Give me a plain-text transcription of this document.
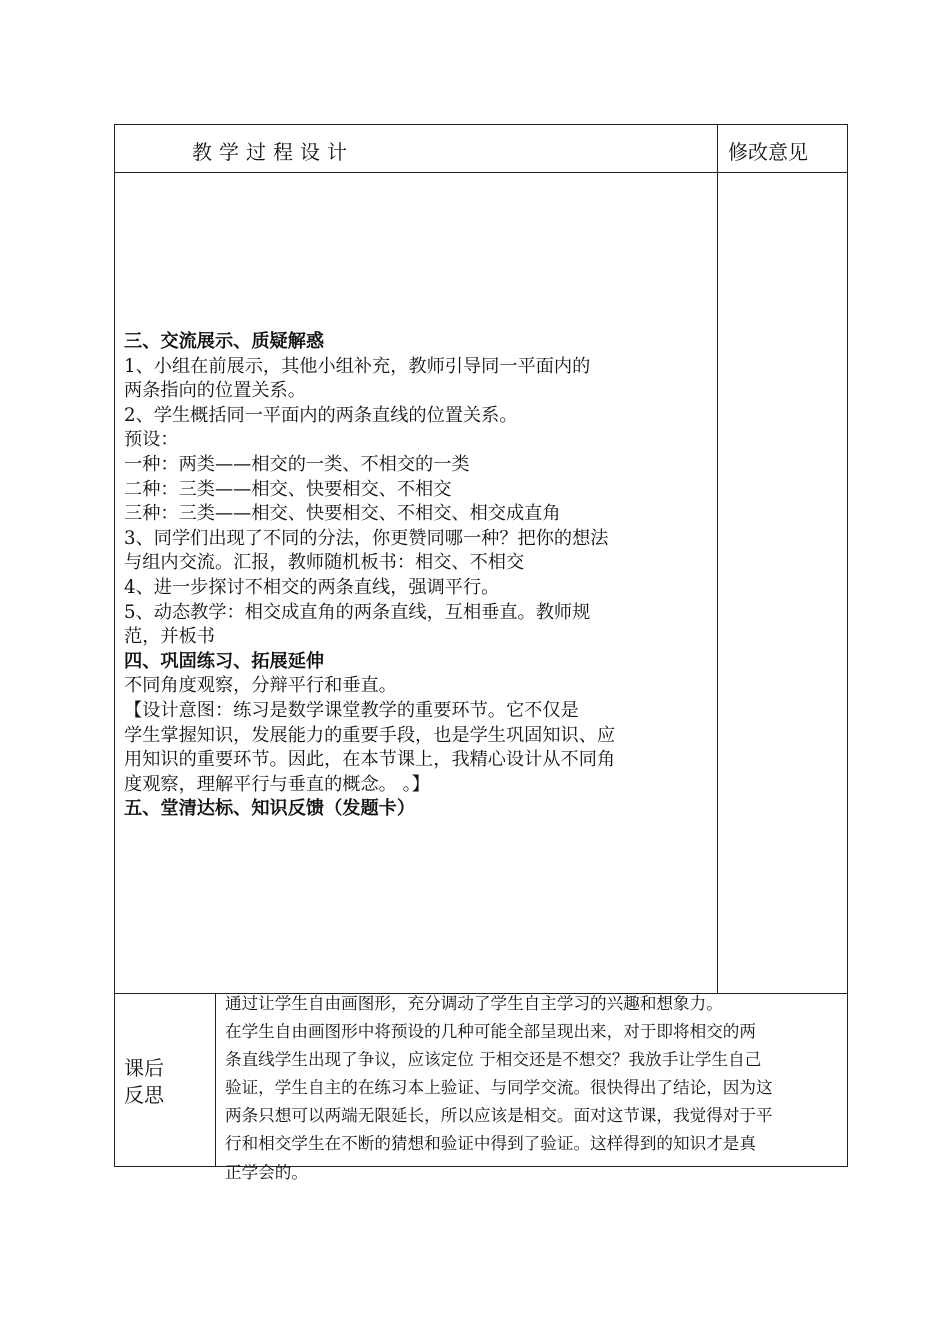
教学过程设计	修改意见

三、交流展示、质疑解惑

1、小组在前展示，其他小组补充，教师引导同一平面内的

两条指向的位置关系。

2、学生概括同一平面内的两条直线的位置关系。

预设：

一种：两类——相交的一类、不相交的一类

二种：三类——相交、快要相交、不相交

三种：三类——相交、快要相交、不相交、相交成直角

3、同学们出现了不同的分法，你更赞同哪一种？把你的想法

与组内交流。汇报，教师随机板书：相交、不相交

4、进一步探讨不相交的两条直线，强调平行。

5、动态教学：相交成直角的两条直线，互相垂直。教师规

范，并板书

四、巩固练习、拓展延伸

不同角度观察，分辩平行和垂直。

【设计意图：练习是数学课堂教学的重要环节。它不仅是

学生掌握知识，发展能力的重要手段，也是学生巩固知识、应

用知识的重要环节。因此，在本节课上，我精心设计从不同角

度观察，理解平行与垂直的概念。 。】

五、堂清达标、知识反馈（发题卡）

课后

反思

通过让学生自由画图形，充分调动了学生自主学习的兴趣和想象力。

在学生自由画图形中将预设的几种可能全部呈现出来，对于即将相交的两

条直线学生出现了争议，应该定位 于相交还是不想交？我放手让学生自己

验证，学生自主的在练习本上验证、与同学交流。很快得出了结论，因为这

两条只想可以两端无限延长，所以应该是相交。面对这节课，我觉得对于平

行和相交学生在不断的猜想和验证中得到了验证。这样得到的知识才是真

正学会的。
